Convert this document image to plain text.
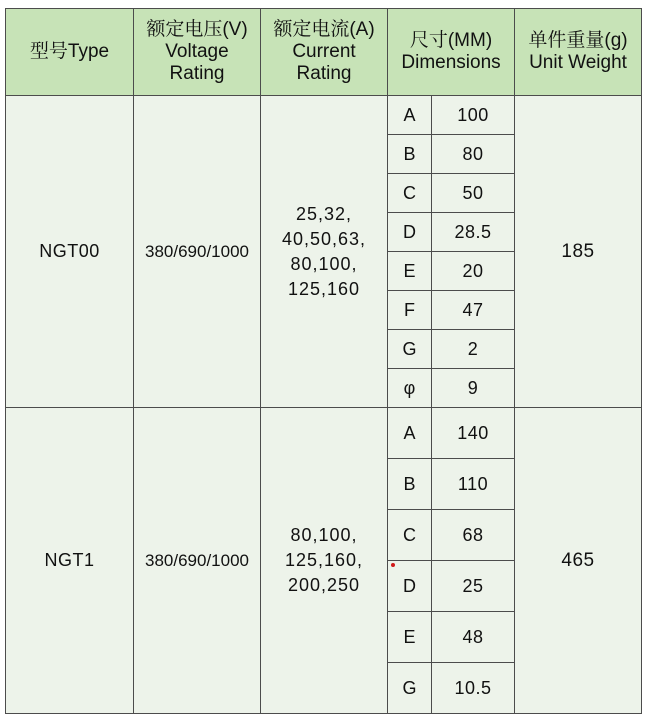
型号Type	额定电压(V)
Voltage
Rating	额定电流(A)
Current
Rating	尺寸(MM)
Dimensions		单件重量(g)
Unit Weight

NGT00	380/690/1000	25,32,
40,50,63,
80,100,
125,160	A	100	185
			B	80	
			C	50	
			D	28.5	
			E	20	
			F	47	
			G	2	
			φ	9	
NGT1	380/690/1000	80,100,
125,160,
200,250	A	140	465
			B	110	
			C	68	
			D	25	
			E	48	
			G	10.5	
